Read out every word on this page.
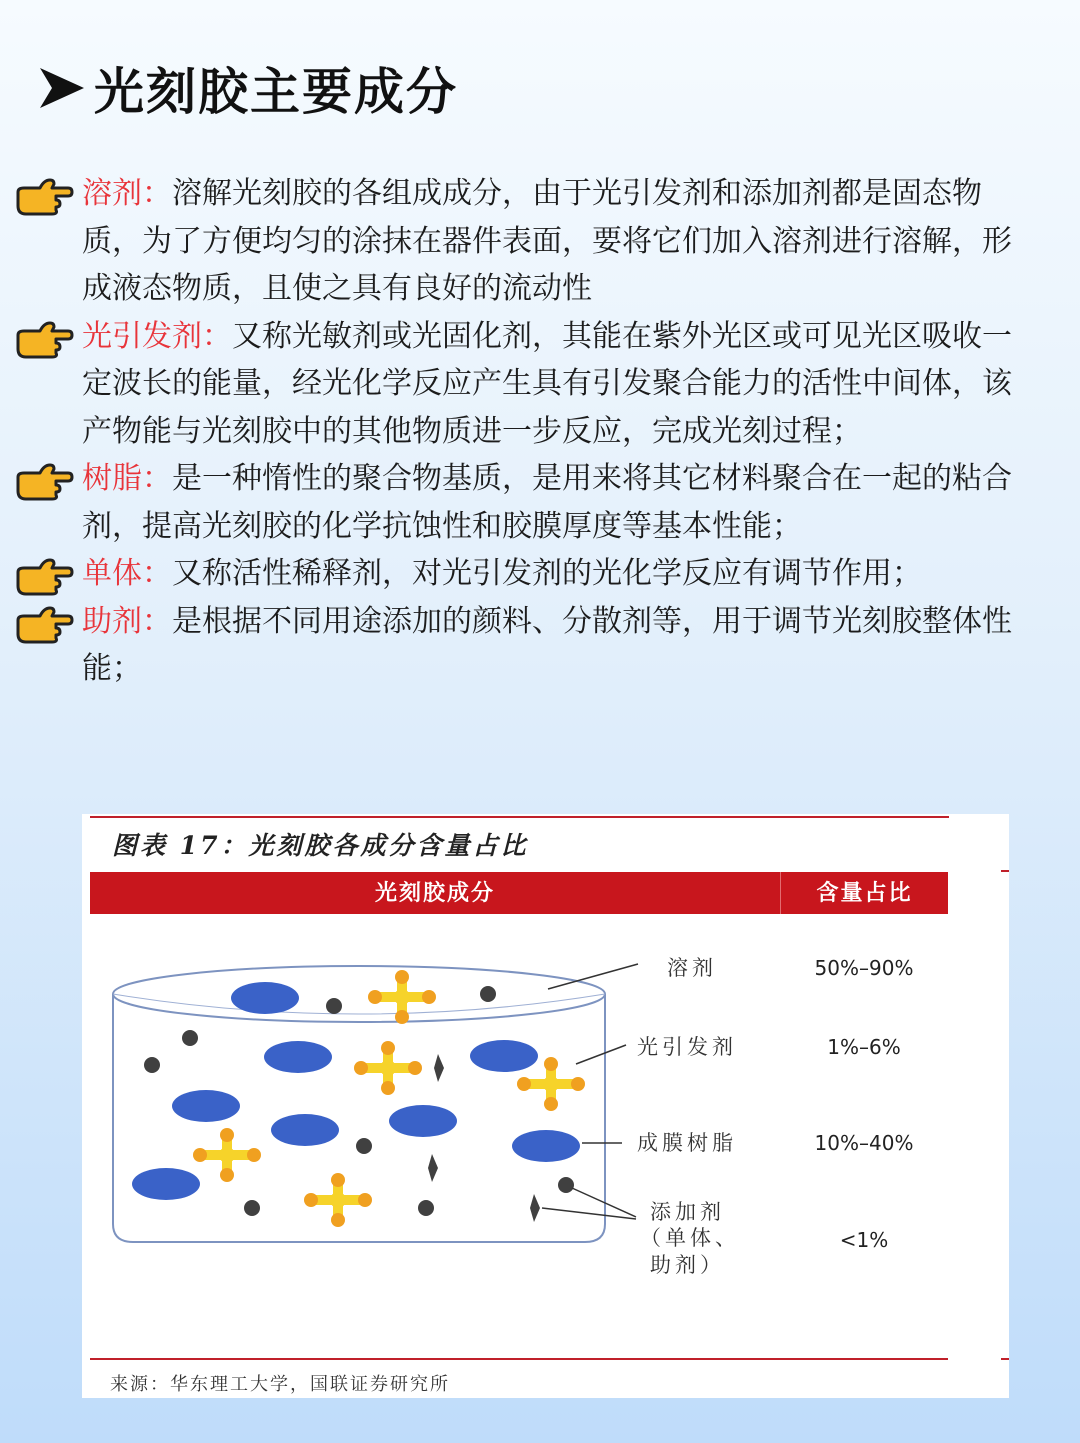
光刻胶主要成分
溶剂：溶解光刻胶的各组成成分，由于光引发剂和添加剂都是固态物质，为了方便均匀的涂抹在器件表面，要将它们加入溶剂进行溶解，形成液态物质，且使之具有良好的流动性
光引发剂：又称光敏剂或光固化剂，其能在紫外光区或可见光区吸收一定波长的能量，经光化学反应产生具有引发聚合能力的活性中间体，该产物能与光刻胶中的其他物质进一步反应，完成光刻过程；
树脂：是一种惰性的聚合物基质，是用来将其它材料聚合在一起的粘合剂，提高光刻胶的化学抗蚀性和胶膜厚度等基本性能；
单体：又称活性稀释剂，对光引发剂的光化学反应有调节作用；
助剂：是根据不同用途添加的颜料、分散剂等，用于调节光刻胶整体性能；
图表 17：光刻胶各成分含量占比
光刻胶成分	含量占比
溶剂
光引发剂
成膜树脂
添加剂
（单体、
助剂）
50%–90%
1%–6%
10%–40%
<1%
来源：华东理工大学，国联证券研究所
